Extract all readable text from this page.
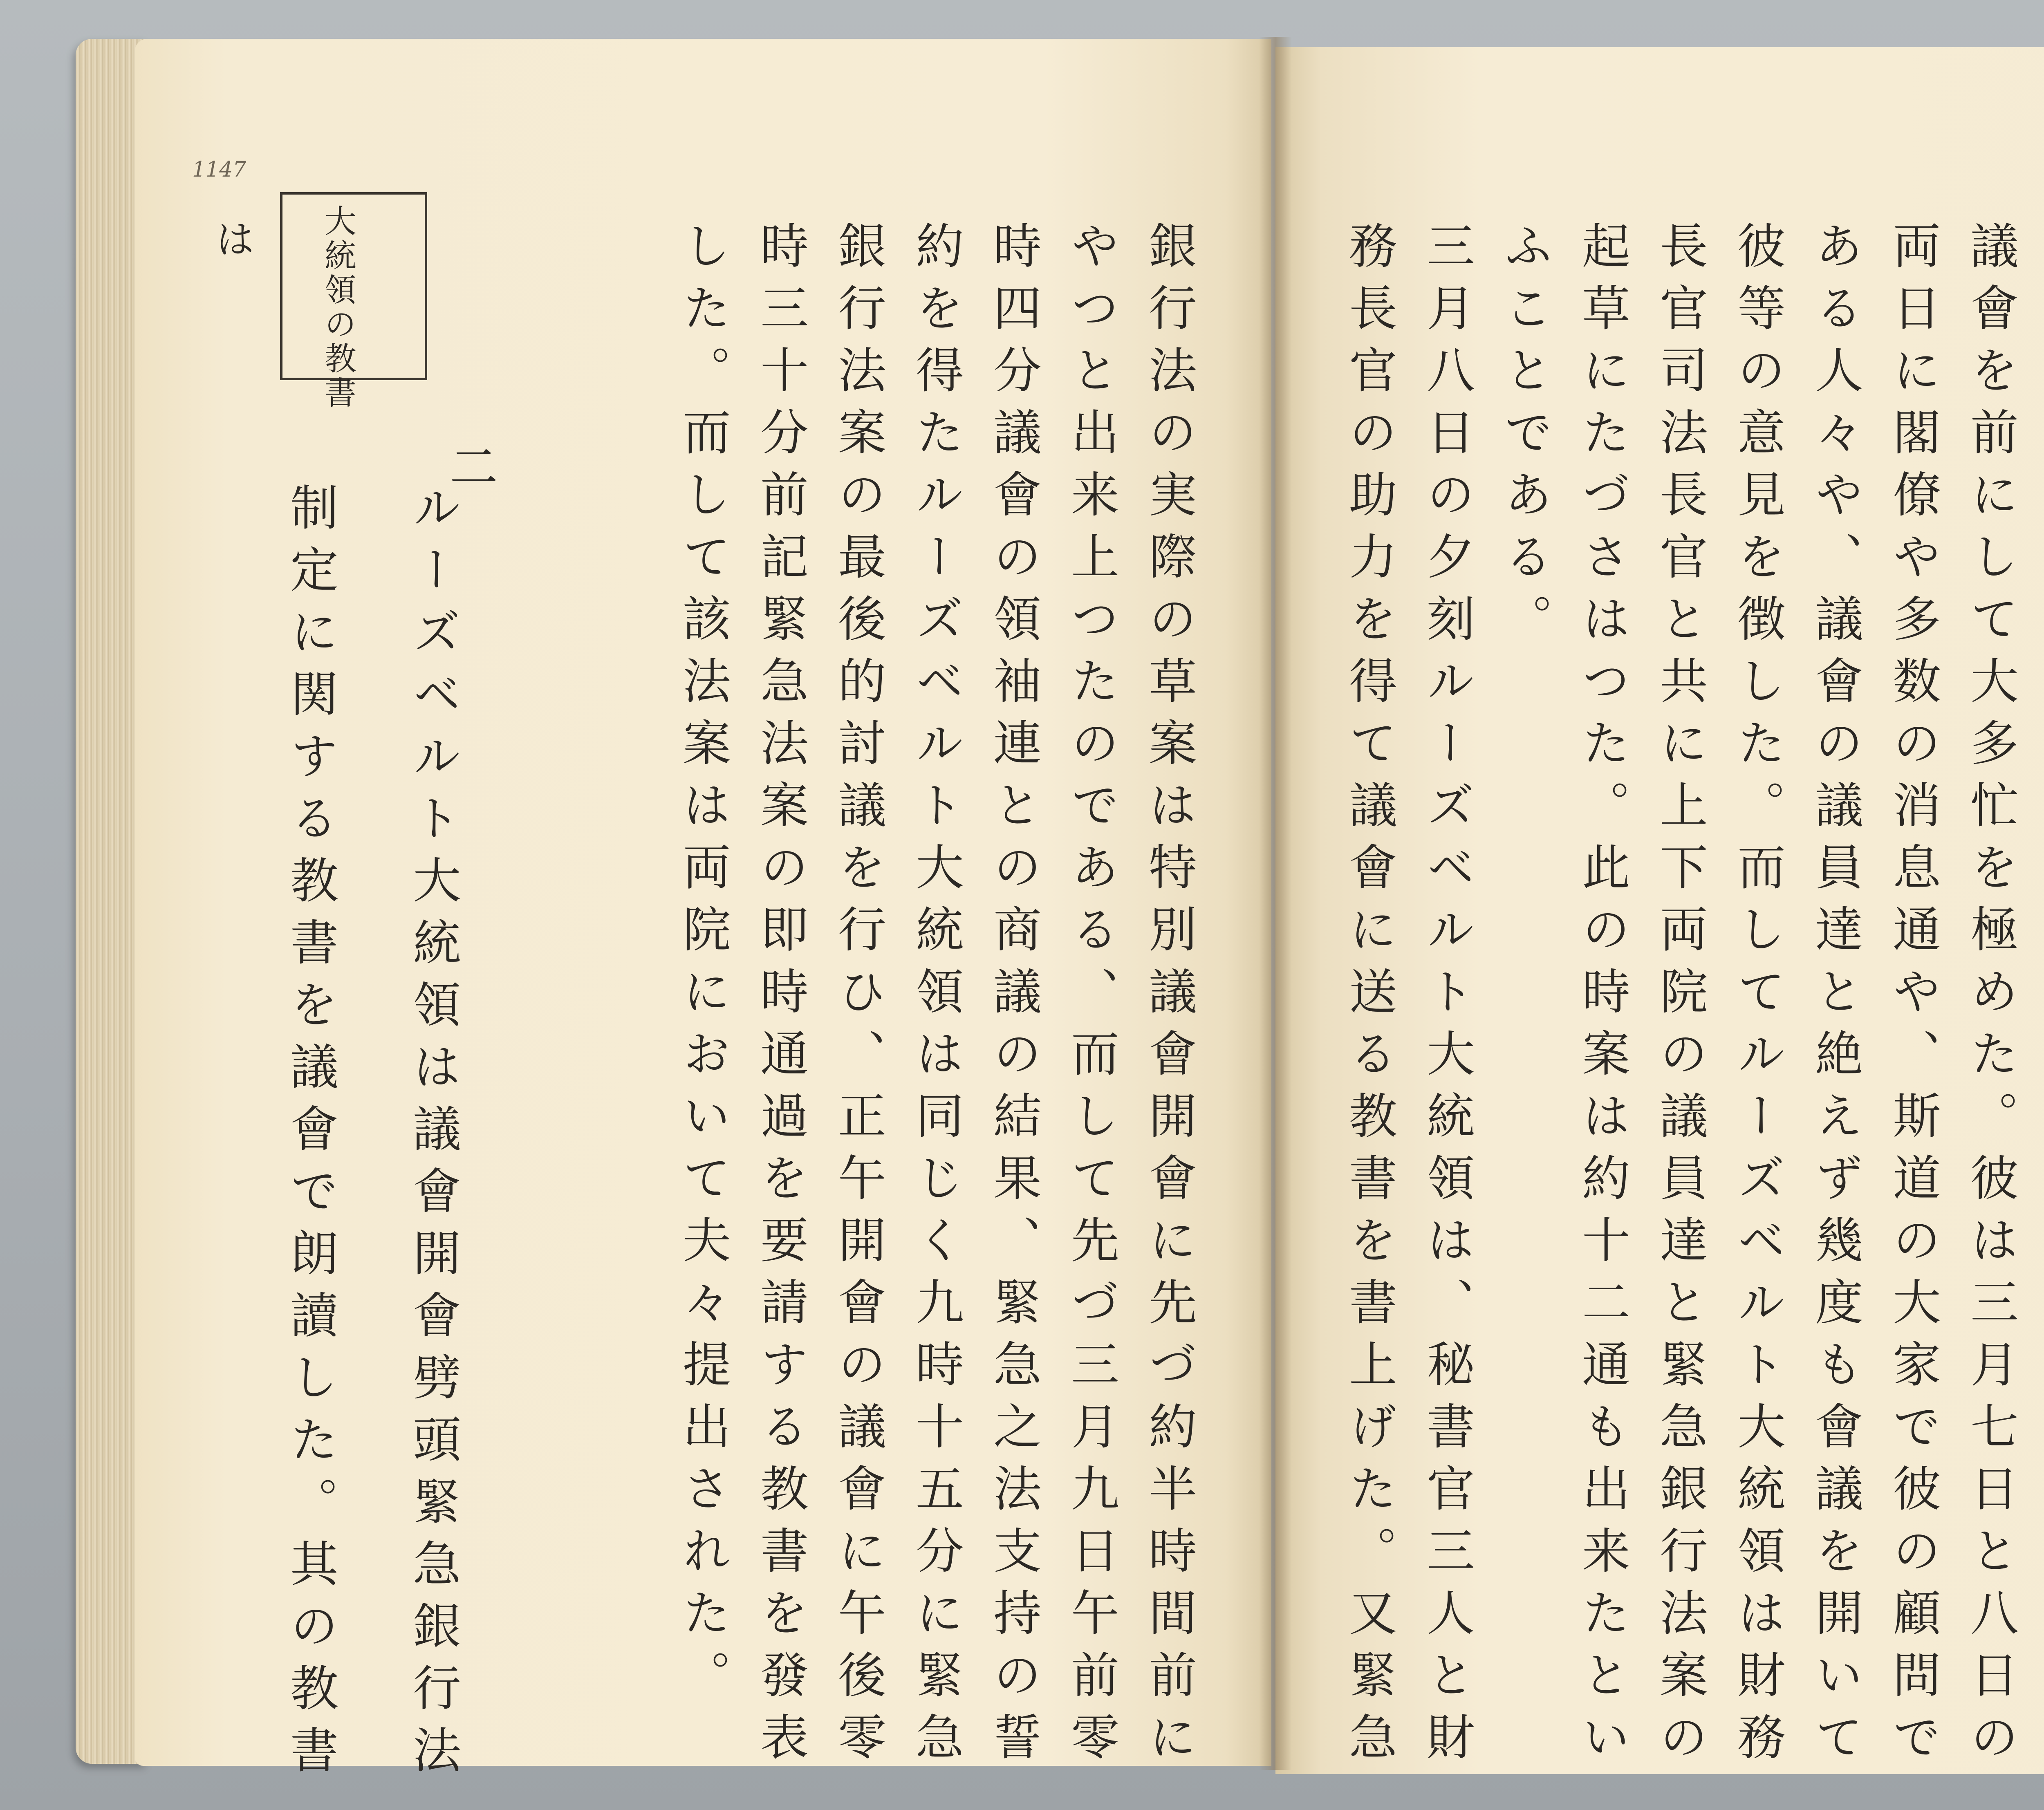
1147
大統領の教書	銀行法の実際の草案は特別議會開會に先づ約半時間前に
やつと出来上つたのである、而して先づ三月九日午前零
時四分議會の領袖連との商議の結果、緊急之法支持の誓
約を得たルーズベルト大統領は同じく九時十五分に緊急
銀行法案の最後的討議を行ひ、正午開會の議會に午後零
時三十分前記緊急法案の即時通過を要請する教書を發表
した。而して該法案は両院において夫々提出された。
二
ルーズベルト大統領は議會開會劈頭緊急銀行法
制定に関する教書を議會で朗讀した。其の教書
は	議會を前にして大多忙を極めた。彼は三月七日と八日の
両日に閣僚や多数の消息通や、斯道の大家で彼の顧問で
ある人々や、議會の議員達と絶えず幾度も會議を開いて
彼等の意見を徴した。而してルーズベルト大統領は財務
長官司法長官と共に上下両院の議員達と緊急銀行法案の
起草にたづさはつた。此の時案は約十二通も出来たとい
ふことである。
三月八日の夕刻ルーズベルト大統領は、秘書官三人と財
務長官の助力を得て議會に送る教書を書上げた。又緊急
